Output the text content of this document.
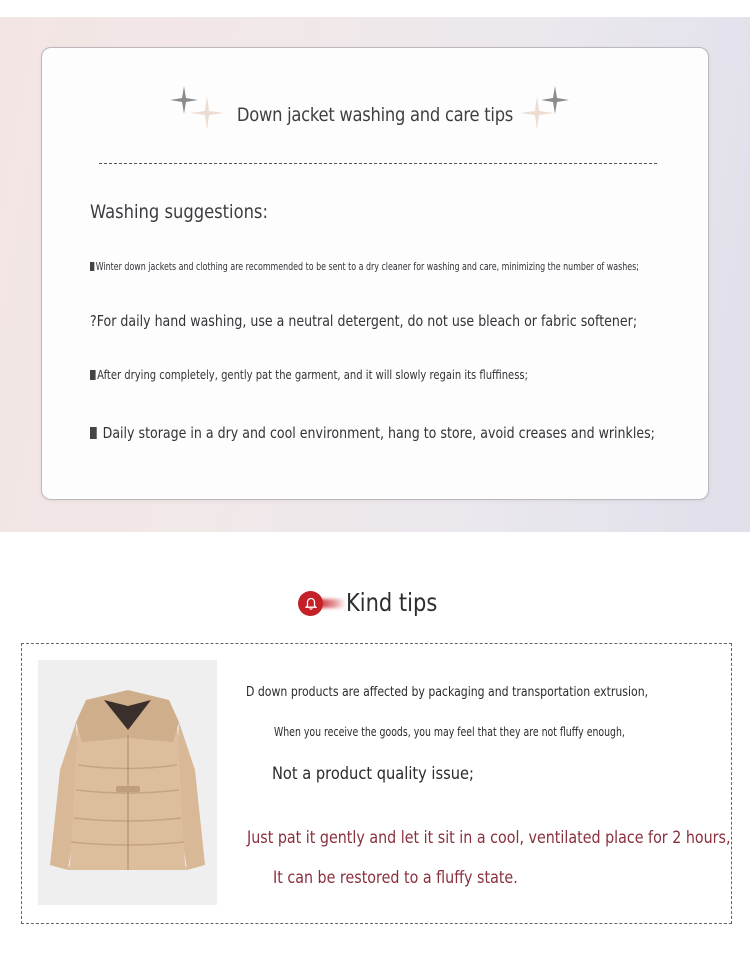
Down jacket washing and care tips
Washing suggestions:
Winter down jackets and clothing are recommended to be sent to a dry cleaner for washing and care, minimizing the number of washes;
?For daily hand washing, use a neutral detergent, do not use bleach or fabric softener;
After drying completely, gently pat the garment, and it will slowly regain its fluffiness;
Daily storage in a dry and cool environment, hang to store, avoid creases and wrinkles;
Kind tips
D down products are affected by packaging and transportation extrusion,
When you receive the goods, you may feel that they are not fluffy enough,
Not a product quality issue;
Just pat it gently and let it sit in a cool, ventilated place for 2 hours,
It can be restored to a fluffy state.
